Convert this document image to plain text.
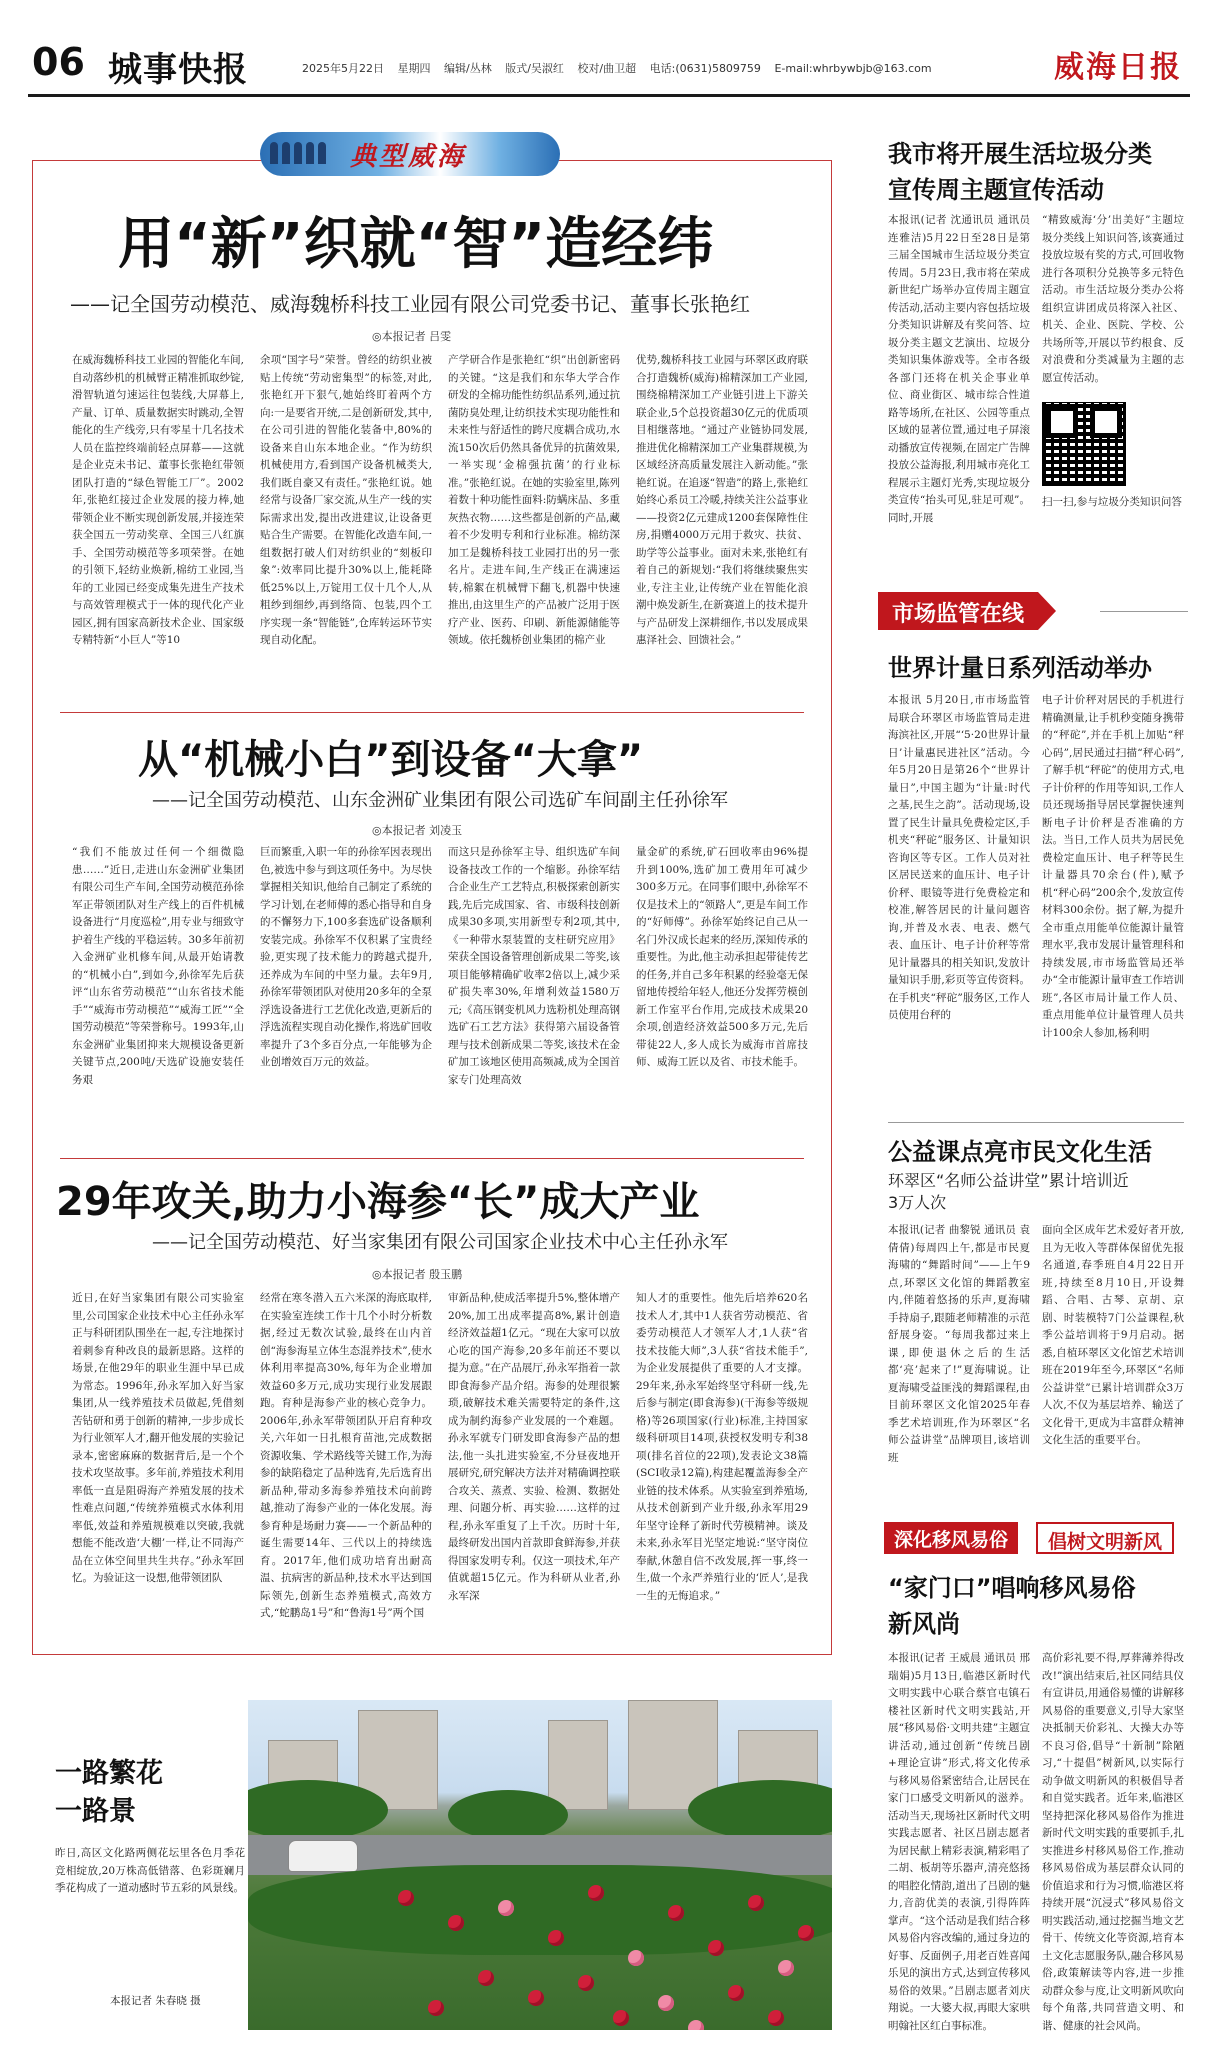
06 城事快报	2025年5月22日 星期四 编辑/丛林 版式/吴淑红 校对/曲卫超 电话:(0631)5809759 E-mail:whrbywbjb@163.com	威海日报
典型威海
用“新”织就“智”造经纬
——记全国劳动模范、威海魏桥科技工业园有限公司党委书记、董事长张艳红
◎本报记者 吕雯
在威海魏桥科技工业园的智能化车间,自动落纱机的机械臂正精准抓取纱锭,滑智轨道匀速运往包装线,大屏幕上,产量、订单、质量数据实时跳动,全智能化的生产线旁,只有零星十几名技术人员在监控终端前轻点屏幕——这就是企业克未书记、董事长张艳红带领团队打造的“绿色智能工厂”。2002年,张艳红接过企业发展的接力棒,她带领企业不断实现创新发展,并接连荣获全国五一劳动奖章、全国三八红旗手、全国劳动模范等多项荣誉。在她的引领下,轻纺业焕新,棉纺工业园,当年的工业园已经变成集先进生产技术与高效管理模式于一体的现代化产业园区,拥有国家高新技术企业、国家级专精特新“小巨人”等10
余项“国字号”荣誉。曾经的纺织业被贴上传统“劳动密集型”的标签,对此,张艳红开下狠气,她始终盯着两个方向:一是要省开统,二是创新研发,其中,在公司引进的智能化装备中,80%的设备来自山东本地企业。“作为纺织机械使用方,看到国产设备机械类大,我们既自豪又有责任。”张艳红说。她经常与设备厂家交流,从生产一线的实际需求出发,提出改进建议,让设备更贴合生产需要。在智能化改造车间,一组数据打破人们对纺织业的“刻板印象”:效率同比提升30%以上,能耗降低25%以上,万锭用工仅十几个人,从粗纱到细纱,再到络筒、包装,四个工序实现一条“智能链”,仓库转运环节实现自动化配。
产学研合作是张艳红“织”出创新密码的关键。“这是我们和东华大学合作研发的全棉功能性纺织品系列,通过抗菌防臭处理,让纺织技术实现功能性和未来性与舒适性的跨尺度耦合成功,水流150次后仍然具备优异的抗菌效果,一举实现‘金棉强抗菌’的行业标准。”张艳红说。在她的实验室里,陈列着数十种功能性面料:防螨床品、多重灰热衣物……这些都是创新的产品,藏着不少发明专利和行业标准。棉纺深加工是魏桥科技工业园打出的另一张名片。走进车间,生产线正在满速运转,棉絮在机械臂下翻飞,机器中快速推出,由这里生产的产品被广泛用于医疗产业、医药、印刷、新能源储能等领域。依托魏桥创业集团的棉产业
优势,魏桥科技工业园与环翠区政府联合打造魏桥(威海)棉精深加工产业园,围绕棉精深加工产业链引进上下游关联企业,5个总投资超30亿元的优质项目相继落地。“通过产业链协同发展,推进优化棉精深加工产业集群规模,为区域经济高质量发展注入新动能。”张艳红说。在追逐“智造”的路上,张艳红始终心系员工冷暖,持续关注公益事业——投资2亿元建成1200套保障性住房,捐赠4000万元用于救灾、扶贫、助学等公益事业。面对未来,张艳红有着自己的新规划:“我们将继续聚焦实业,专注主业,让传统产业在智能化浪潮中焕发新生,在新赛道上的技术提升与产品研发上深耕细作,书以发展成果惠泽社会、回馈社会。”
从“机械小白”到设备“大拿”
——记全国劳动模范、山东金洲矿业集团有限公司选矿车间副主任孙徐军
◎本报记者 刘凌玉
“我们不能放过任何一个细微隐患……”近日,走进山东金洲矿业集团有限公司生产车间,全国劳动模范孙徐军正带领团队对生产线上的百件机械设备进行“月度巡检”,用专业与细致守护着生产线的平稳运转。30多年前初入金洲矿业机修车间,从最开始请教的“机械小白”,到如今,孙徐军先后获评“山东省劳动模范”“山东省技术能手”“威海市劳动模范”“威海工匠”“全国劳动模范”等荣誉称号。1993年,山东金洲矿业集团抑来大规模设备更新关键节点,200吨/天选矿设施安装任务艰
巨而繁重,入职一年的孙徐军因表现出色,被选中参与到这项任务中。为尽快掌握相关知识,他给自己制定了系统的学习计划,在老师傅的悉心指导和自身的不懈努力下,100多套选矿设备顺利安装完成。孙徐军不仅积累了宝贵经验,更实现了技术能力的跨越式提升,还养成为车间的中坚力量。去年9月,孙徐军带领团队对使用20多年的全泵浮选设备进行工艺优化改造,更新后的浮选流程实现自动化操作,将选矿回收率提升了3个多百分点,一年能够为企业创增效百万元的效益。
而这只是孙徐军主导、组织选矿车间设备技改工作的一个缩影。孙徐军结合企业生产工艺特点,积极探索创新实践,先后完成国家、省、市级科技创新成果30多项,实用新型专利2项,其中,《一种带水泵装置的支柱研究应用》荣获全国设备管理创新成果二等奖,该项目能够精确矿收率2倍以上,减少采矿损失率30%,年增利效益1580万元;《高压钢变机风力选粉机处理高钢选矿石工艺方法》获得第六届设备管理与技术创新成果二等奖,该技术在金矿加工该地区使用高频减,成为全国首家专门处理高效
量金矿的系统,矿石回收率由96%提升到100%,选矿加工费用年可减少300多万元。在同事们眼中,孙徐军不仅是技术上的“领路人”,更是车间工作的“好师傅”。孙徐军始终记自己从一名门外汉成长起来的经历,深知传承的重要性。为此,他主动承担起带徒传艺的任务,并自己多年积累的经验毫无保留地传授给年轻人,他还分发挥劳模创新工作室平台作用,完成技术成果20余项,创造经济效益500多万元,先后带徒22人,多人成长为威海市首席技师、威海工匠以及省、市技术能手。
29年攻关,助力小海参“长”成大产业
——记全国劳动模范、好当家集团有限公司国家企业技术中心主任孙永军
◎本报记者 殷玉鹏
近日,在好当家集团有限公司实验室里,公司国家企业技术中心主任孙永军正与科研团队围坐在一起,专注地探讨着刺参育种改良的最新思路。这样的场景,在他29年的职业生涯中早已成为常态。1996年,孙永军加入好当家集团,从一线养殖技术员做起,凭借刻苦钻研和勇于创新的精神,一步步成长为行业领军人才,翻开他发展的实验记录本,密密麻麻的数据背后,是一个个技术攻坚故事。多年前,养殖技术利用率低一直是阻碍海产养殖发展的技术性难点问题,“传统养殖模式水体利用率低,效益和养殖规模难以突破,我就想能不能改造‘大棚’一样,让不同海产品在立体空间里共生共存。”孙永军回忆。为验证这一设想,他带领团队
经常在寒冬潜入五六米深的海底取样,在实验室连续工作十几个小时分析数据,经过无数次试验,最终在山内首创“海参海星立体生态混养技术”,使水体利用率提高30%,每年为企业增加效益60多万元,成功实现行业发展跟跑。育种是海参产业的核心竞争力。2006年,孙永军带领团队开启育种攻关,六年如一日扎根育苗池,完成数据资源收集、学术路线等关键工作,为海参的缺陷稳定了品种选育,先后选育出新品种,带动多海参养殖技术向前跨越,推动了海参产业的一体化发展。海参育种是场耐力赛——一个新品种的诞生需要14年、三代以上的持续选育。2017年,他们成功培育出耐高温、抗病害的新品种,技术水平达到国际领先,创新生态养殖模式,高效方式,“蛇鹏岛1号”和“鲁海1号”两个国
审新品种,使成活率提升5%,整体增产20%,加工出成率提高8%,累计创造经济效益超1亿元。“现在大家可以放心吃的国产海参,20多年前还不要以提为意。”在产品展厅,孙永军指着一款即食海参产品介绍。海参的处理很繁琐,破解技术难关需要特定的条件,这成为制约海参产业发展的一个难题。孙永军就专门研发即食海参产品的想法,他一头扎进实验室,不分昼夜地开展研究,研究解决方法并对精确调控联合攻关、蒸煮、实验、检测、数据处理、问题分析、再实验……这样的过程,孙永军重复了上千次。历时十年,最终研发出国内首款即食鲜海参,并获得国家发明专利。仅这一项技术,年产值就超15亿元。作为科研从业者,孙永军深
知人才的重要性。他先后培养620名技术人才,其中1人获省劳动模范、省委劳动模范人才领军人才,1人获“省技术技能大师”,3人获“省技术能手”,为企业发展提供了重要的人才支撑。29年来,孙永军始终坚守科研一线,先后参与制定(即食海参)(干海参等级规格)等26项国家(行业)标准,主持国家级科研项目14项,获授权发明专利38项(排名首位的22项),发表论文38篇(SCI收录12篇),构建起覆盖海参全产业链的技术体系。从实验室到养殖场,从技术创新到产业升级,孙永军用29年坚守诠释了新时代劳模精神。谈及未来,孙永军目光坚定地说:“坚守岗位奉献,休憩自信不改发展,挥一事,终一生,做一个永严养殖行业的‘匠人’,是我一生的无悔追求。”
我市将开展生活垃圾分类
宣传周主题宣传活动
本报讯(记者 沈通讯员 通讯员 连雅洁)5月22日至28日是第三届全国城市生活垃圾分类宣传周。5月23日,我市将在荣成新世纪广场举办宣传周主题宣传活动,活动主要内容包括垃圾分类知识讲解及有奖问答、垃圾分类主题文艺演出、垃圾分类知识集体游戏等。全市各级各部门还将在机关企事业单位、商业街区、城市综合性道路等场所,在社区、公园等重点区域的显著位置,通过电子屏滚动播放宣传视频,在固定广告牌投放公益海报,利用城市亮化工程展示主题灯光秀,实现垃圾分类宣传“抬头可见,驻足可观”。同时,开展
“精致威海‘分’出美好”主题垃圾分类线上知识问答,该赛通过投放垃圾有奖的方式,可回收物进行各项积分兑换等多元特色活动。市生活垃圾分类办公将组织宣讲团成员将深入社区、机关、企业、医院、学校、公共场所等,开展以节约根食、反对浪费和分类减量为主题的志愿宣传活动。
扫一扫,参与垃圾分类知识问答
市场监管在线
世界计量日系列活动举办
本报讯 5月20日,市市场监管局联合环翠区市场监管局走进海滨社区,开展“‘5·20世界计量日’计量惠民进社区”活动。今年5月20日是第26个“世界计量日”,中国主题为“计量:时代之基,民生之韵”。活动现场,设置了民生计量具免费检定区,手机夹“秤砣”服务区、计量知识咨询区等专区。工作人员对社区居民送来的血压计、电子计价秤、眼镜等进行免费检定和校准,解答居民的计量问题咨询,并普及水表、电表、燃气表、血压计、电子计价秤等常见计量器具的相关知识,发放计量知识手册,彩页等宣传资料。在手机夹“秤砣”服务区,工作人员使用台秤的
电子计价秤对居民的手机进行精确测量,让手机秒变随身携带的“秤砣”,并在手机上加贴“秤心码”,居民通过扫描“秤心码”,了解手机“秤砣”的使用方式,电子计价秤的作用等知识,工作人员还现场指导居民掌握快速判断电子计价秤是否准确的方法。当日,工作人员共为居民免费检定血压计、电子秤等民生计量器具70余台(件),赋予机“秤心码”200余个,发放宣传材料300余份。据了解,为提升全市重点用能单位能源计量管理水平,我市发展计量管理科和持续发展,市市场监管局还举办“全市能源计量审查工作培训班”,各区市局计量工作人员、重点用能单位计量管理人员共计100余人参加,杨利明
公益课点亮市民文化生活
环翠区“名师公益讲堂”累计培训近
3万人次
本报讯(记者 曲黎锐 通讯员 袁倩倩)每周四上午,都是市民夏海啸的“舞蹈时间”——上午9点,环翠区文化馆的舞蹈教室内,伴随着悠扬的乐声,夏海啸手持扇子,跟随老师精准的示范舒展身姿。“每周我都过来上课,即使退休之后的生活都‘亮’起来了!”夏海啸说。让夏海啸受益匪浅的舞蹈课程,由目前环翠区文化馆2025年春季艺术培训班,作为环翠区“名师公益讲堂”品牌项目,该培训班
面向全区成年艺术爱好者开放,且为无收入等群体保留优先报名通道,春季班自4月22日开班,持续至8月10日,开设舞蹈、合唱、古琴、京胡、京剧、时装模特7门公益课程,秋季公益培训将于9月启动。据悉,自植环翠区文化馆艺术培训班在2019年至今,环翠区“名师公益讲堂”已累计培训群众3万人次,不仅为基层培养、输送了文化骨干,更成为丰富群众精神文化生活的重要平台。
深化移风易俗	倡树文明新风
“家门口”唱响移风易俗
新风尚
本报讯(记者 王威晨 通讯员 邢瑞娟)5月13日,临港区新时代文明实践中心联合蔡官屯镇石楼社区新时代文明实践站,开展“移风易俗·文明共建”主题宣讲活动,通过创新“传统吕剧+理论宣讲”形式,将文化传承与移风易俗紧密结合,让居民在家门口感受文明新风的滋养。活动当天,现场社区新时代文明实践志愿者、社区吕剧志愿者为居民献上精彩表演,精彩唱了二胡、板胡等乐器声,清亮悠扬的唱腔化情韵,道出了吕剧的魅力,音韵优美的表演,引得阵阵掌声。“这个活动是我们结合移风易俗内容改编的,通过身边的好事、反面例子,用老百姓喜闻乐见的演出方式,达到宣传移风易俗的效果。”吕剧志愿者刘庆翔说。一大婆大叔,再眼大家哄明翰社区红白事标准。
高价彩礼要不得,厚葬薄养得改改!”演出结束后,社区同结具仪有宣讲员,用通俗易懂的讲解移风易俗的重要意义,引导大家坚决抵制天价彩礼、大操大办等不良习俗,倡导“十新制”除陋习,“十提倡”树新风,以实际行动争做文明新风的积极倡导者和自觉实践者。近年来,临港区坚持把深化移风易俗作为推进新时代文明实践的重要抓手,扎实推进乡村移风易俗工作,推动移风易俗成为基层群众认同的价值追求和行为习惯,临港区将持续开展“沉浸式”移风易俗文明实践活动,通过挖掘当地文艺骨干、传统文化等资源,培育本土文化志愿服务队,融合移风易俗,政策解读等内容,进一步推动群众参与度,让文明新风吹向每个角落,共同营造文明、和谐、健康的社会风尚。
一路繁花
一路景
昨日,高区文化路两侧花坛里各色月季花竞相绽放,20万株高低错落、色彩斑斓月季花构成了一道动感时节五彩的风景线。
本报记者 朱春晓 摄
